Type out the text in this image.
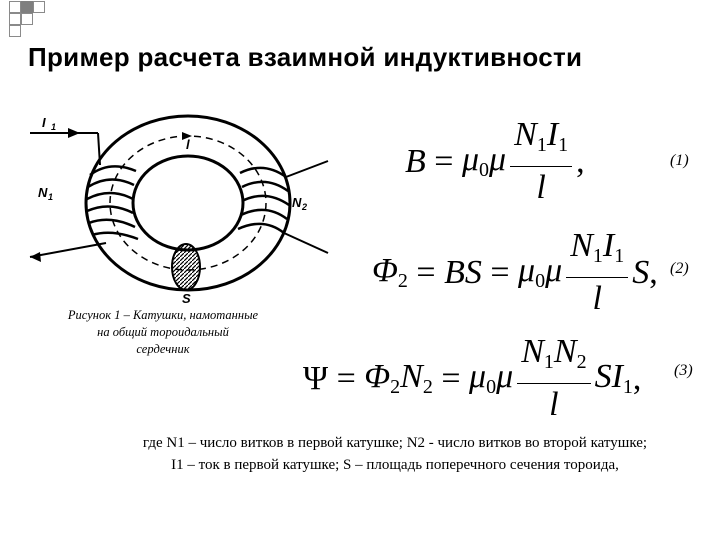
Пример расчета взаимной индуктивности
I 1
N 1	N 2
l
S
Рисунок 1 – Катушки, намотанные
на общий тороидальный
сердечник
$B = \mu_0\mu \frac{N_1I_1}{l}$ ,	(1)
$\Phi_2$ = BS = $\mu_0\mu \frac{N_1I_1}{l}$ S , (2)
$\Psi = \Phi_2N_2 = \mu_0\mu \frac{N_1N_2}{l} SI_1$ , (3)
где N1 – число витков в первой катушке; N2 - число витков во второй катушке;
I1 – ток в первой катушке; S – площадь поперечного сечения тороида,
